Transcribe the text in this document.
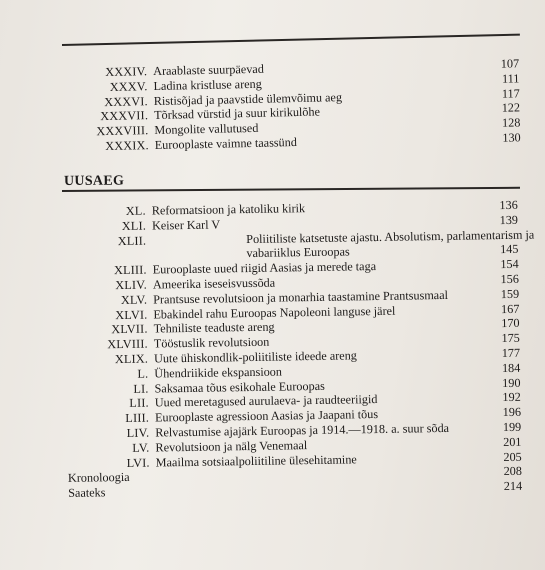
XXXIV. Araablaste suurpäevad	107
XXXV. Ladina kristluse areng	111
XXXVI. Ristisõjad ja paavstide ülemvõimu aeg	117
XXXVII. Tõrksad vürstid ja suur kirikulõhe	122
XXXVIII. Mongolite vallutused	128
XXXIX. Eurooplaste vaimne taassünd	130
UUSAEG
XL. Reformatsioon ja katoliku kirik	136
XLI. Keiser Karl V	139
XLII.	Poliitiliste katsetuste ajastu. Absolutism, parlamentarism ja vabariiklus Euroopas	145
XLIII. Eurooplaste uued riigid Aasias ja merede taga	154
XLIV. Ameerika iseseisvussõda	156
XLV. Prantsuse revolutsioon ja monarhia taastamine Prantsusmaal	159
XLVI. Ebakindel rahu Euroopas Napoleoni languse järel	167
XLVII. Tehniliste teaduste areng	170
XLVIII. Tööstuslik revolutsioon	175
XLIX. Uute ühiskondlik-poliitiliste ideede areng	177
L. Ühendriikide ekspansioon	184
LI. Saksamaa tõus esikohale Euroopas	190
LII. Uued meretagused aurulaeva- ja raudteeriigid	192
LIII. Eurooplaste agressioon Aasias ja Jaapani tõus	196
LIV. Relvastumise ajajärk Euroopas ja 1914.—1918. a. suur sõda	199
LV. Revolutsioon ja nälg Venemaal	201
LVI. Maailma sotsiaalpoliitiline ülesehitamine	205
Kronoloogia	208
Saateks	214
